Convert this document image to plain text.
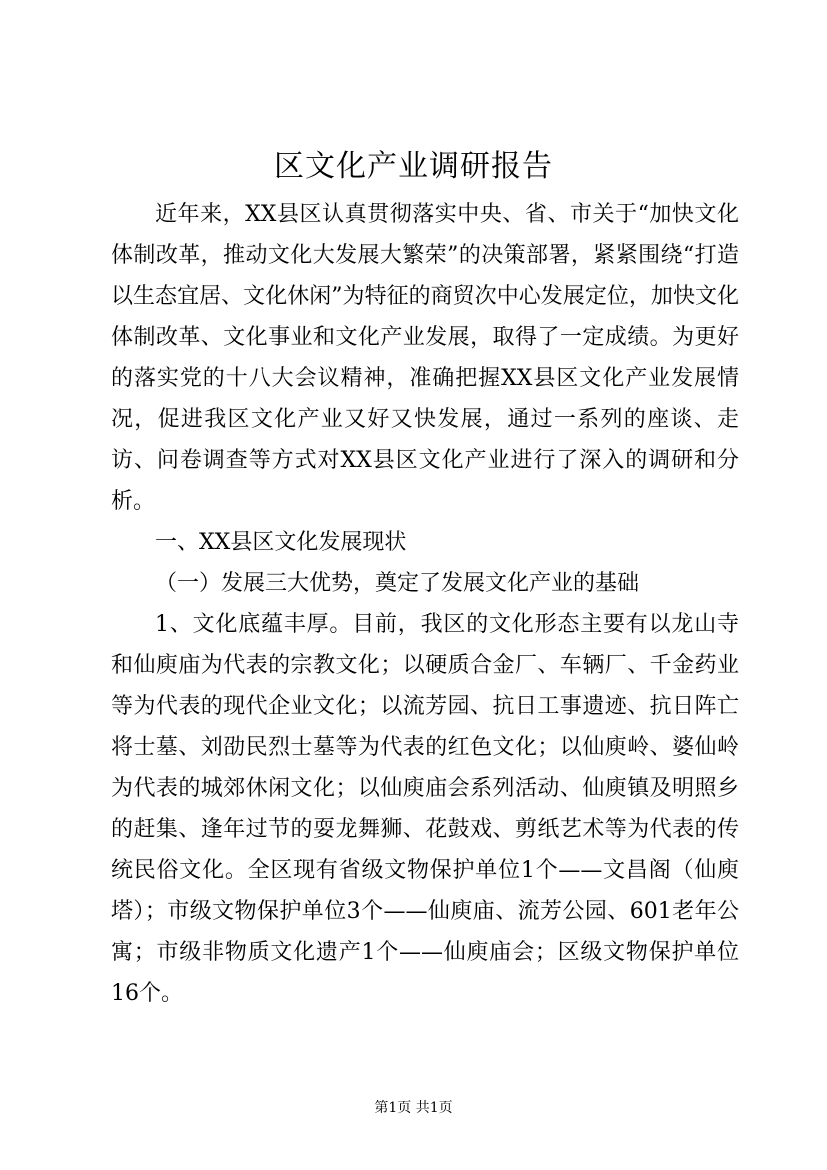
区文化产业调研报告

近年来，XX县区认真贯彻落实中央、省、市关于“加快文化体制改革，推动文化大发展大繁荣”的决策部署，紧紧围绕“打造以生态宜居、文化休闲”为特征的商贸次中心发展定位，加快文化体制改革、文化事业和文化产业发展，取得了一定成绩。为更好的落实党的十八大会议精神，准确把握XX县区文化产业发展情况，促进我区文化产业又好又快发展，通过一系列的座谈、走访、问卷调查等方式对XX县区文化产业进行了深入的调研和分析。

一、XX县区文化发展现状

（一）发展三大优势，奠定了发展文化产业的基础

1、文化底蕴丰厚。目前，我区的文化形态主要有以龙山寺和仙庾庙为代表的宗教文化；以硬质合金厂、车辆厂、千金药业等为代表的现代企业文化；以流芳园、抗日工事遗迹、抗日阵亡将士墓、刘劭民烈士墓等为代表的红色文化；以仙庾岭、婆仙岭为代表的城郊休闲文化；以仙庾庙会系列活动、仙庾镇及明照乡的赶集、逢年过节的耍龙舞狮、花鼓戏、剪纸艺术等为代表的传统民俗文化。全区现有省级文物保护单位1个——文昌阁（仙庾塔）；市级文物保护单位3个——仙庾庙、流芳公园、601老年公寓；市级非物质文化遗产1个——仙庾庙会；区级文物保护单位16个。

第1页 共1页
